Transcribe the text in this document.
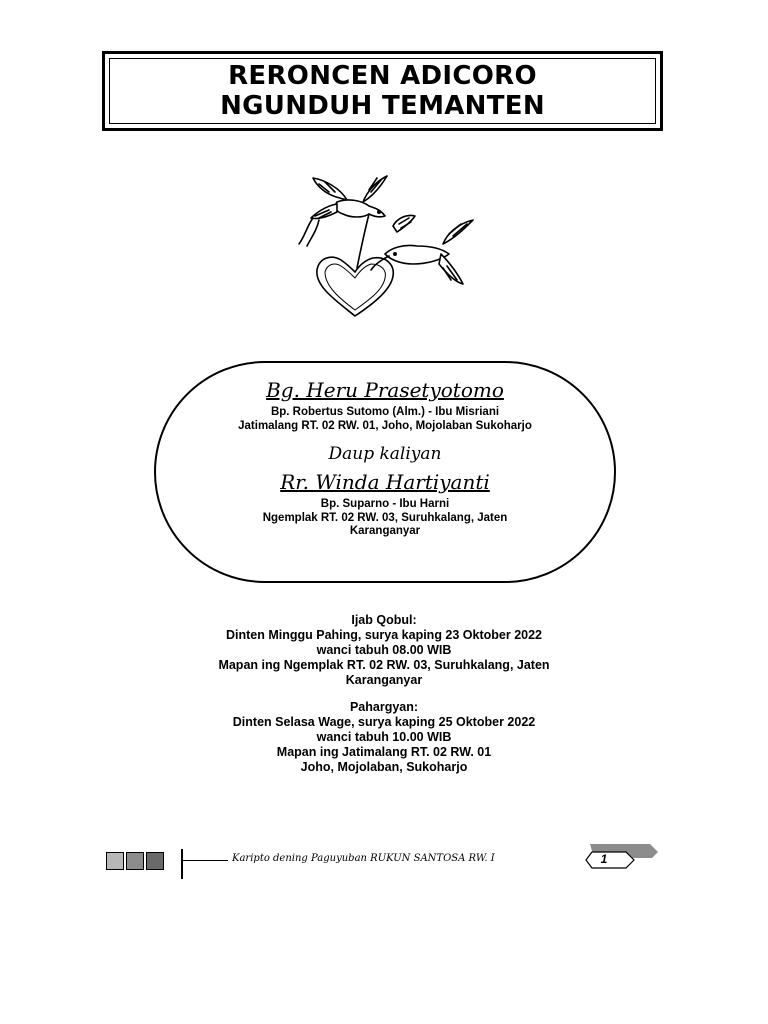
RERONCEN ADICORO
NGUNDUH TEMANTEN
Bg. Heru Prasetyotomo
Bp. Robertus Sutomo (Alm.) - Ibu Misriani
Jatimalang RT. 02 RW. 01, Joho, Mojolaban Sukoharjo
Daup kaliyan
Rr. Winda Hartiyanti
Bp. Suparno - Ibu Harni
Ngemplak RT. 02 RW. 03, Suruhkalang, Jaten Karanganyar
Ijab Qobul:
Dinten Minggu Pahing, surya kaping 23 Oktober 2022
wanci tabuh 08.00 WIB
Mapan ing Ngemplak RT. 02 RW. 03, Suruhkalang, Jaten
Karanganyar
Pahargyan:
Dinten Selasa Wage, surya kaping 25 Oktober 2022
wanci tabuh 10.00 WIB
Mapan ing Jatimalang RT. 02 RW. 01
Joho, Mojolaban, Sukoharjo
Karipto dening Paguyuban RUKUN SANTOSA RW. I	1
